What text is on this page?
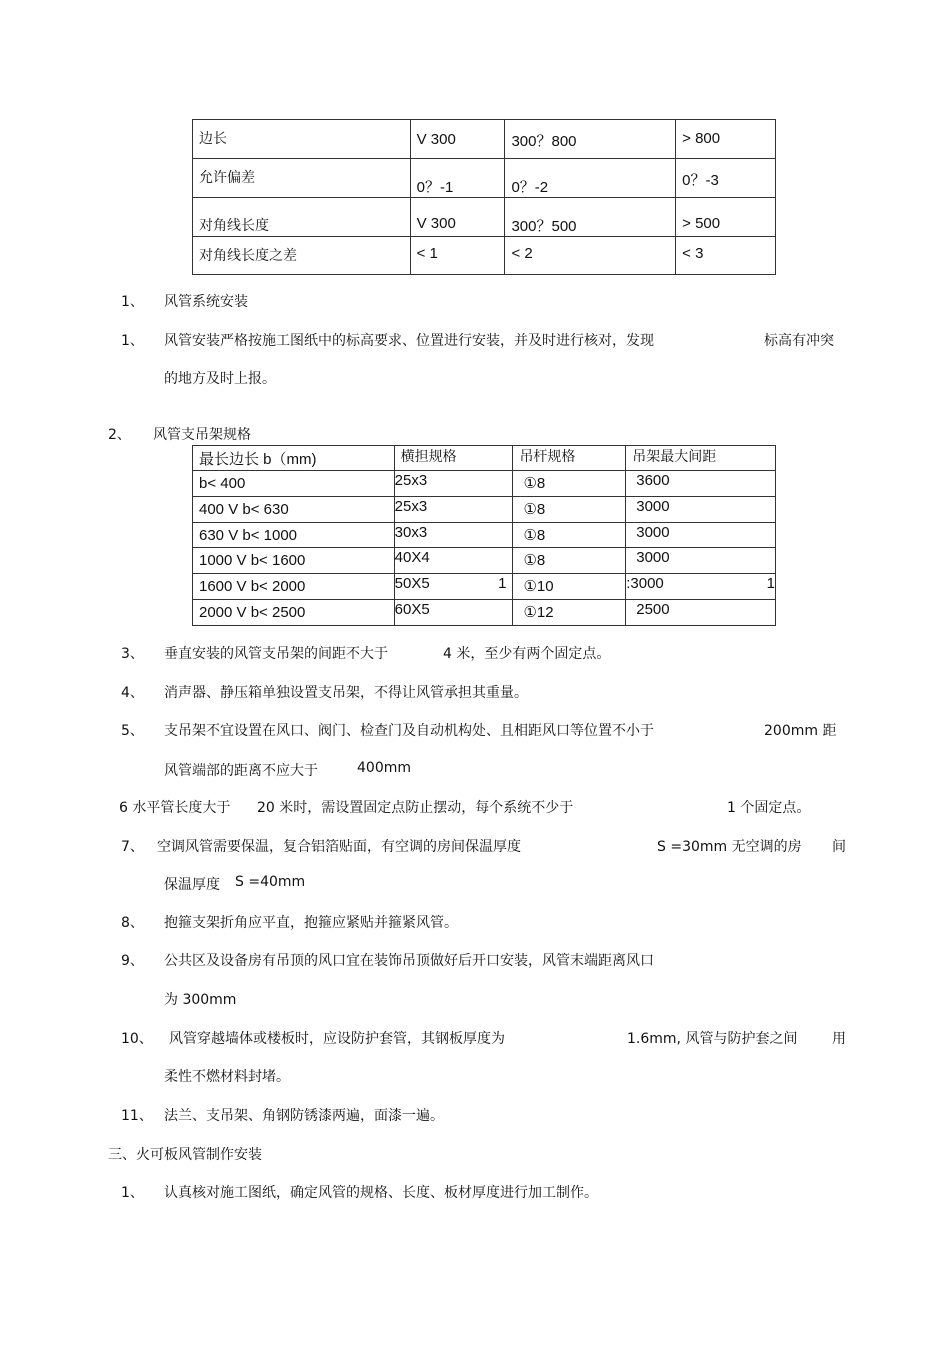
边长	V 300	300？800	> 800
允许偏差	0？-1	0？-2	0？-3
对角线长度	V 300	300？500	> 500
对角线长度之差	< 1	< 2	< 3
1、 风管系统安装
1、 风管安装严格按施工图纸中的标高要求、位置进行安装，并及时进行核对，发现	标高有冲突
的地方及时上报。
2、 风管支吊架规格
最长边长 b（mm)	横担规格	吊杆规格	吊架最大间距
b< 400	25x3	①8	3600
400 V b< 630	25x3	①8	3000
630 V b< 1000	30x3	①8	3000
1000 V b< 1600	40X4	①8	3000
1600 V b< 2000	50X5 1	①10	:3000 1

2000 V b< 2500	60X5	①12	2500
3、 垂直安装的风管支吊架的间距不大于	4 米，至少有两个固定点。
4、 消声器、静压箱单独设置支吊架，不得让风管承担其重量。
5、 支吊架不宜设置在风口、阀门、检查门及自动机构处、且相距风口等位置不小于	200mm 距
风管端部的距离不应大于	400mm
6 水平管长度大于 20 米时，需设置固定点防止摆动，每个系统不少于	1 个固定点。
7、 空调风管需要保温，复合铝箔贴面，有空调的房间保温厚度	S =30mm 无空调的房 间
保温厚度 S =40mm
8、 抱箍支架折角应平直，抱箍应紧贴并箍紧风管。
9、 公共区及设备房有吊顶的风口宜在装饰吊顶做好后开口安装，风管末端距离风口
为 300mm
10、 风管穿越墙体或楼板时，应设防护套管，其钢板厚度为	1.6mm, 风管与防护套之间 用
柔性不燃材料封堵。
11、 法兰、支吊架、角钢防锈漆两遍，面漆一遍。
三、火可板风管制作安装
1、 认真核对施工图纸，确定风管的规格、长度、板材厚度进行加工制作。
